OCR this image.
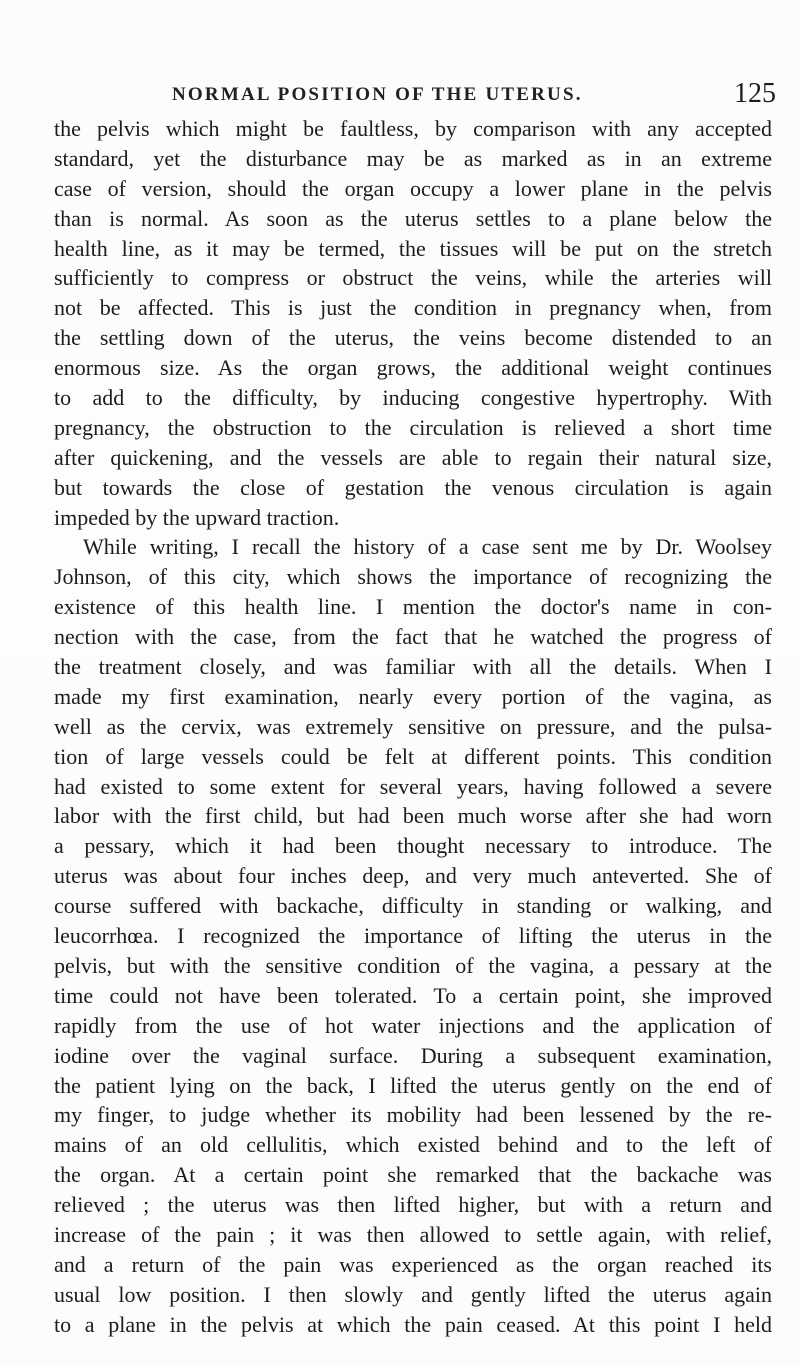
NORMAL POSITION OF THE UTERUS.	125
the pelvis which might be faultless, by comparison with any accepted
standard, yet the disturbance may be as marked as in an extreme
case of version, should the organ occupy a lower plane in the pelvis
than is normal. As soon as the uterus settles to a plane below the
health line, as it may be termed, the tissues will be put on the stretch
sufficiently to compress or obstruct the veins, while the arteries will
not be affected. This is just the condition in pregnancy when, from
the settling down of the uterus, the veins become distended to an
enormous size. As the organ grows, the additional weight continues
to add to the difficulty, by inducing congestive hypertrophy. With
pregnancy, the obstruction to the circulation is relieved a short time
after quickening, and the vessels are able to regain their natural size,
but towards the close of gestation the venous circulation is again
impeded by the upward traction.
While writing, I recall the history of a case sent me by Dr. Woolsey
Johnson, of this city, which shows the importance of recognizing the
existence of this health line. I mention the doctor's name in con-
nection with the case, from the fact that he watched the progress of
the treatment closely, and was familiar with all the details. When I
made my first examination, nearly every portion of the vagina, as
well as the cervix, was extremely sensitive on pressure, and the pulsa-
tion of large vessels could be felt at different points. This condition
had existed to some extent for several years, having followed a severe
labor with the first child, but had been much worse after she had worn
a pessary, which it had been thought necessary to introduce. The
uterus was about four inches deep, and very much anteverted. She of
course suffered with backache, difficulty in standing or walking, and
leucorrhœa. I recognized the importance of lifting the uterus in the
pelvis, but with the sensitive condition of the vagina, a pessary at the
time could not have been tolerated. To a certain point, she improved
rapidly from the use of hot water injections and the application of
iodine over the vaginal surface. During a subsequent examination,
the patient lying on the back, I lifted the uterus gently on the end of
my finger, to judge whether its mobility had been lessened by the re-
mains of an old cellulitis, which existed behind and to the left of
the organ. At a certain point she remarked that the backache was
relieved ; the uterus was then lifted higher, but with a return and
increase of the pain ; it was then allowed to settle again, with relief,
and a return of the pain was experienced as the organ reached its
usual low position. I then slowly and gently lifted the uterus again
to a plane in the pelvis at which the pain ceased. At this point I held
